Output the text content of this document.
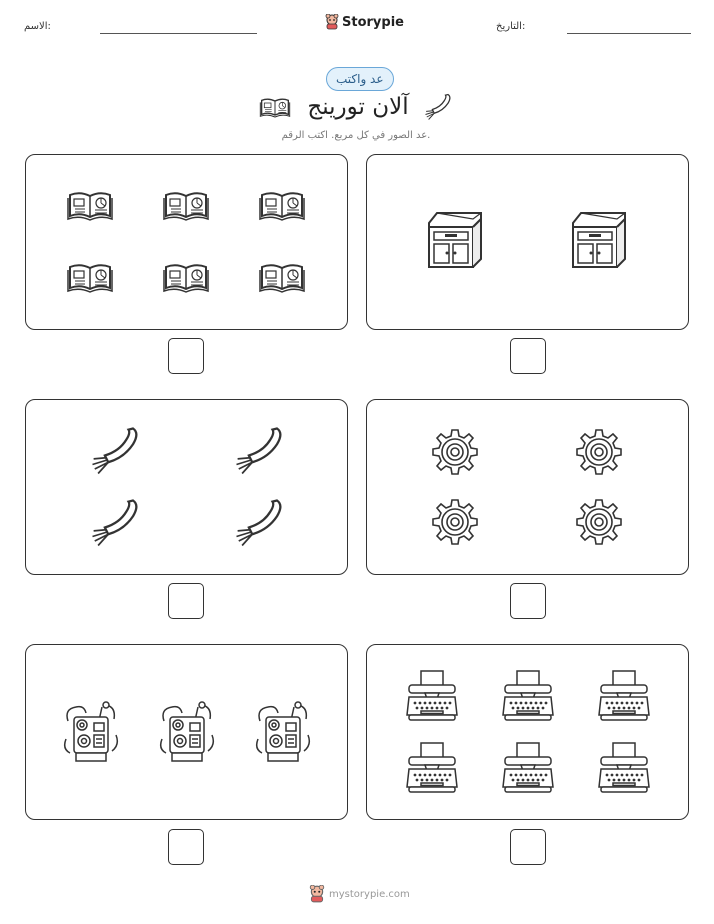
الاسم:	Storypie	التاريخ:
عد واكتب
آلان تورينج
عد الصور في كل مربع. اكتب الرقم.
mystorypie.com
